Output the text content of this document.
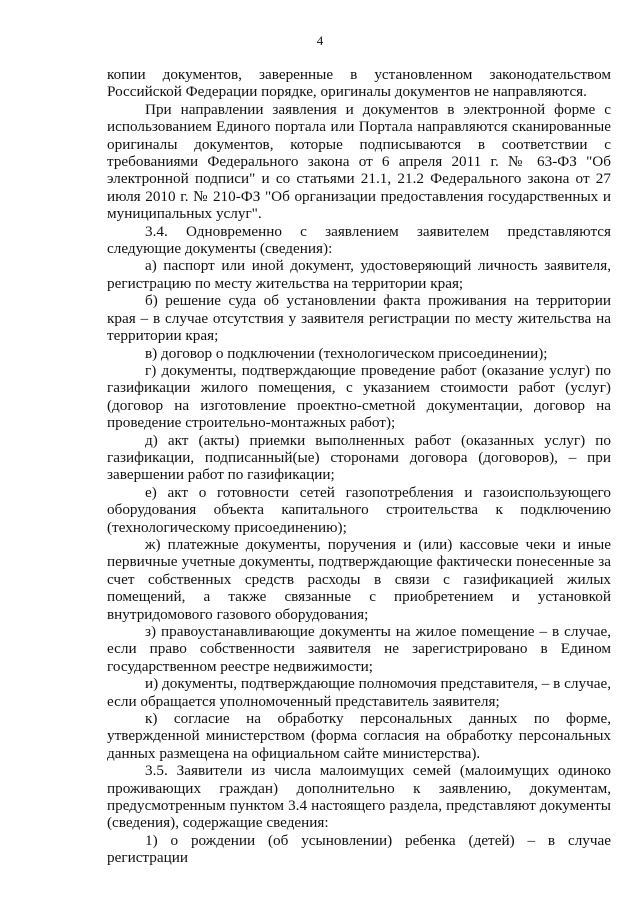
4

копии документов, заверенные в установленном законодательством Российской Федерации порядке, оригиналы документов не направляются.

При направлении заявления и документов в электронной форме с использованием Единого портала или Портала направляются сканированные оригиналы документов, которые подписываются в соответствии с требованиями Федерального закона от 6 апреля 2011 г. № 63-ФЗ "Об электронной подписи" и со статьями 21.1, 21.2 Федерального закона от 27 июля 2010 г. № 210-ФЗ "Об организации предоставления государственных и муниципальных услуг".

3.4. Одновременно с заявлением заявителем представляются следующие документы (сведения):

а) паспорт или иной документ, удостоверяющий личность заявителя, регистрацию по месту жительства на территории края;

б) решение суда об установлении факта проживания на территории края – в случае отсутствия у заявителя регистрации по месту жительства на территории края;

в) договор о подключении (технологическом присоединении);

г) документы, подтверждающие проведение работ (оказание услуг) по газификации жилого помещения, с указанием стоимости работ (услуг) (договор на изготовление проектно-сметной документации, договор на проведение строительно-монтажных работ);

д) акт (акты) приемки выполненных работ (оказанных услуг) по газификации, подписанный(ые) сторонами договора (договоров), – при завершении работ по газификации;

е) акт о готовности сетей газопотребления и газоиспользующего оборудования объекта капитального строительства к подключению (технологическому присоединению);

ж) платежные документы, поручения и (или) кассовые чеки и иные первичные учетные документы, подтверждающие фактически понесенные за счет собственных средств расходы в связи с газификацией жилых помещений, а также связанные с приобретением и установкой внутридомового газового оборудования;

з) правоустанавливающие документы на жилое помещение – в случае, если право собственности заявителя не зарегистрировано в Едином государственном реестре недвижимости;

и) документы, подтверждающие полномочия представителя, – в случае, если обращается уполномоченный представитель заявителя;

к) согласие на обработку персональных данных по форме, утвержденной министерством (форма согласия на обработку персональных данных размещена на официальном сайте министерства).

3.5. Заявители из числа малоимущих семей (малоимущих одиноко проживающих граждан) дополнительно к заявлению, документам, предусмотренным пунктом 3.4 настоящего раздела, представляют документы (сведения), содержащие сведения:

1) о рождении (об усыновлении) ребенка (детей) – в случае регистрации
